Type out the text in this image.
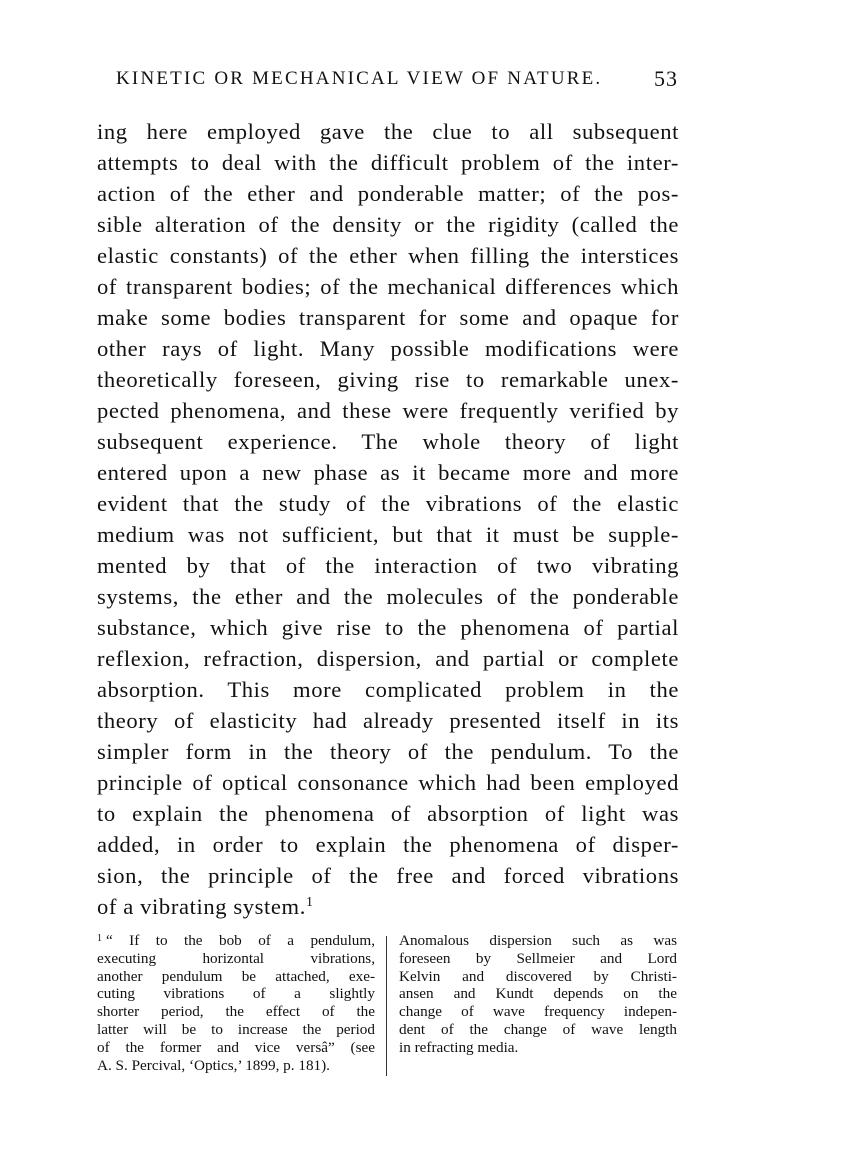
KINETIC OR MECHANICAL VIEW OF NATURE. 53
ing here employed gave the clue to all subsequent
attempts to deal with the difficult problem of the inter-
action of the ether and ponderable matter; of the pos-
sible alteration of the density or the rigidity (called the
elastic constants) of the ether when filling the interstices
of transparent bodies; of the mechanical differences which
make some bodies transparent for some and opaque for
other rays of light. Many possible modifications were
theoretically foreseen, giving rise to remarkable unex-
pected phenomena, and these were frequently verified by
subsequent experience. The whole theory of light
entered upon a new phase as it became more and more
evident that the study of the vibrations of the elastic
medium was not sufficient, but that it must be supple-
mented by that of the interaction of two vibrating
systems, the ether and the molecules of the ponderable
substance, which give rise to the phenomena of partial
reflexion, refraction, dispersion, and partial or complete
absorption. This more complicated problem in the
theory of elasticity had already presented itself in its
simpler form in the theory of the pendulum. To the
principle of optical consonance which had been employed
to explain the phenomena of absorption of light was
added, in order to explain the phenomena of disper-
sion, the principle of the free and forced vibrations
of a vibrating system.$^1$
$^1$ “ If to the bob of a pendulum,
executing horizontal vibrations,
another pendulum be attached, exe-
cuting vibrations of a slightly
shorter period, the effect of the
latter will be to increase the period
of the former and vice versâ” (see
A. S. Percival, ‘Optics,’ 1899, p. 181).
Anomalous dispersion such as was
foreseen by Sellmeier and Lord
Kelvin and discovered by Christi-
ansen and Kundt depends on the
change of wave frequency indepen-
dent of the change of wave length
in refracting media.
